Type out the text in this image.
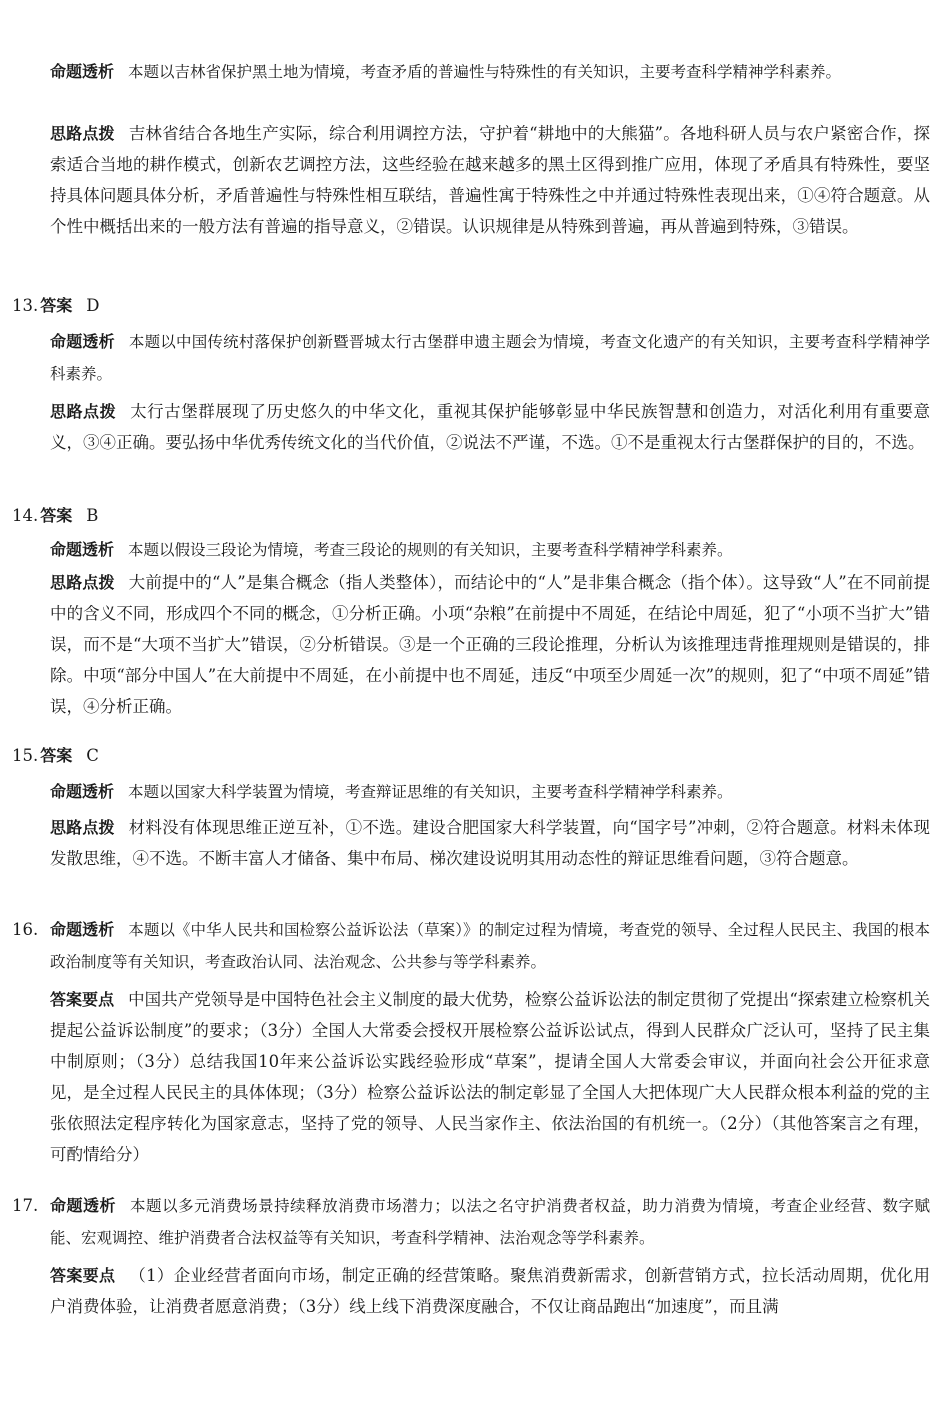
命题透析 本题以吉林省保护黑土地为情境，考查矛盾的普遍性与特殊性的有关知识，主要考查科学精神学科素养。
思路点拨 吉林省结合各地生产实际，综合利用调控方法，守护着“耕地中的大熊猫”。各地科研人员与农户紧密合作，探索适合当地的耕作模式，创新农艺调控方法，这些经验在越来越多的黑土区得到推广应用，体现了矛盾具有特殊性，要坚持具体问题具体分析，矛盾普遍性与特殊性相互联结，普遍性寓于特殊性之中并通过特殊性表现出来，①④符合题意。从个性中概括出来的一般方法有普遍的指导意义，②错误。认识规律是从特殊到普遍，再从普遍到特殊，③错误。
13. 答案 D
命题透析 本题以中国传统村落保护创新暨晋城太行古堡群申遗主题会为情境，考查文化遗产的有关知识，主要考查科学精神学科素养。
思路点拨 太行古堡群展现了历史悠久的中华文化，重视其保护能够彰显中华民族智慧和创造力，对活化利用有重要意义，③④正确。要弘扬中华优秀传统文化的当代价值，②说法不严谨，不选。①不是重视太行古堡群保护的目的，不选。
14. 答案 B
命题透析 本题以假设三段论为情境，考查三段论的规则的有关知识，主要考查科学精神学科素养。
思路点拨 大前提中的“人”是集合概念（指人类整体），而结论中的“人”是非集合概念（指个体）。这导致“人”在不同前提中的含义不同，形成四个不同的概念，①分析正确。小项“杂粮”在前提中不周延，在结论中周延，犯了“小项不当扩大”错误，而不是“大项不当扩大”错误，②分析错误。③是一个正确的三段论推理，分析认为该推理违背推理规则是错误的，排除。中项“部分中国人”在大前提中不周延，在小前提中也不周延，违反“中项至少周延一次”的规则，犯了“中项不周延”错误，④分析正确。
15. 答案 C
命题透析 本题以国家大科学装置为情境，考查辩证思维的有关知识，主要考查科学精神学科素养。
思路点拨 材料没有体现思维正逆互补，①不选。建设合肥国家大科学装置，向“国字号”冲刺，②符合题意。材料未体现发散思维，④不选。不断丰富人才储备、集中布局、梯次建设说明其用动态性的辩证思维看问题，③符合题意。
16. 命题透析 本题以《中华人民共和国检察公益诉讼法（草案）》的制定过程为情境，考查党的领导、全过程人民民主、我国的根本政治制度等有关知识，考查政治认同、法治观念、公共参与等学科素养。
答案要点 中国共产党领导是中国特色社会主义制度的最大优势，检察公益诉讼法的制定贯彻了党提出“探索建立检察机关提起公益诉讼制度”的要求；（3分）全国人大常委会授权开展检察公益诉讼试点，得到人民群众广泛认可，坚持了民主集中制原则；（3分）总结我国10年来公益诉讼实践经验形成“草案”，提请全国人大常委会审议，并面向社会公开征求意见，是全过程人民民主的具体体现；（3分）检察公益诉讼法的制定彰显了全国人大把体现广大人民群众根本利益的党的主张依照法定程序转化为国家意志，坚持了党的领导、人民当家作主、依法治国的有机统一。（2分）（其他答案言之有理，可酌情给分）
17. 命题透析 本题以多元消费场景持续释放消费市场潜力；以法之名守护消费者权益，助力消费为情境，考查企业经营、数字赋能、宏观调控、维护消费者合法权益等有关知识，考查科学精神、法治观念等学科素养。
答案要点 （1）企业经营者面向市场，制定正确的经营策略。聚焦消费新需求，创新营销方式，拉长活动周期，优化用户消费体验，让消费者愿意消费；（3分）线上线下消费深度融合，不仅让商品跑出“加速度”，而且满
